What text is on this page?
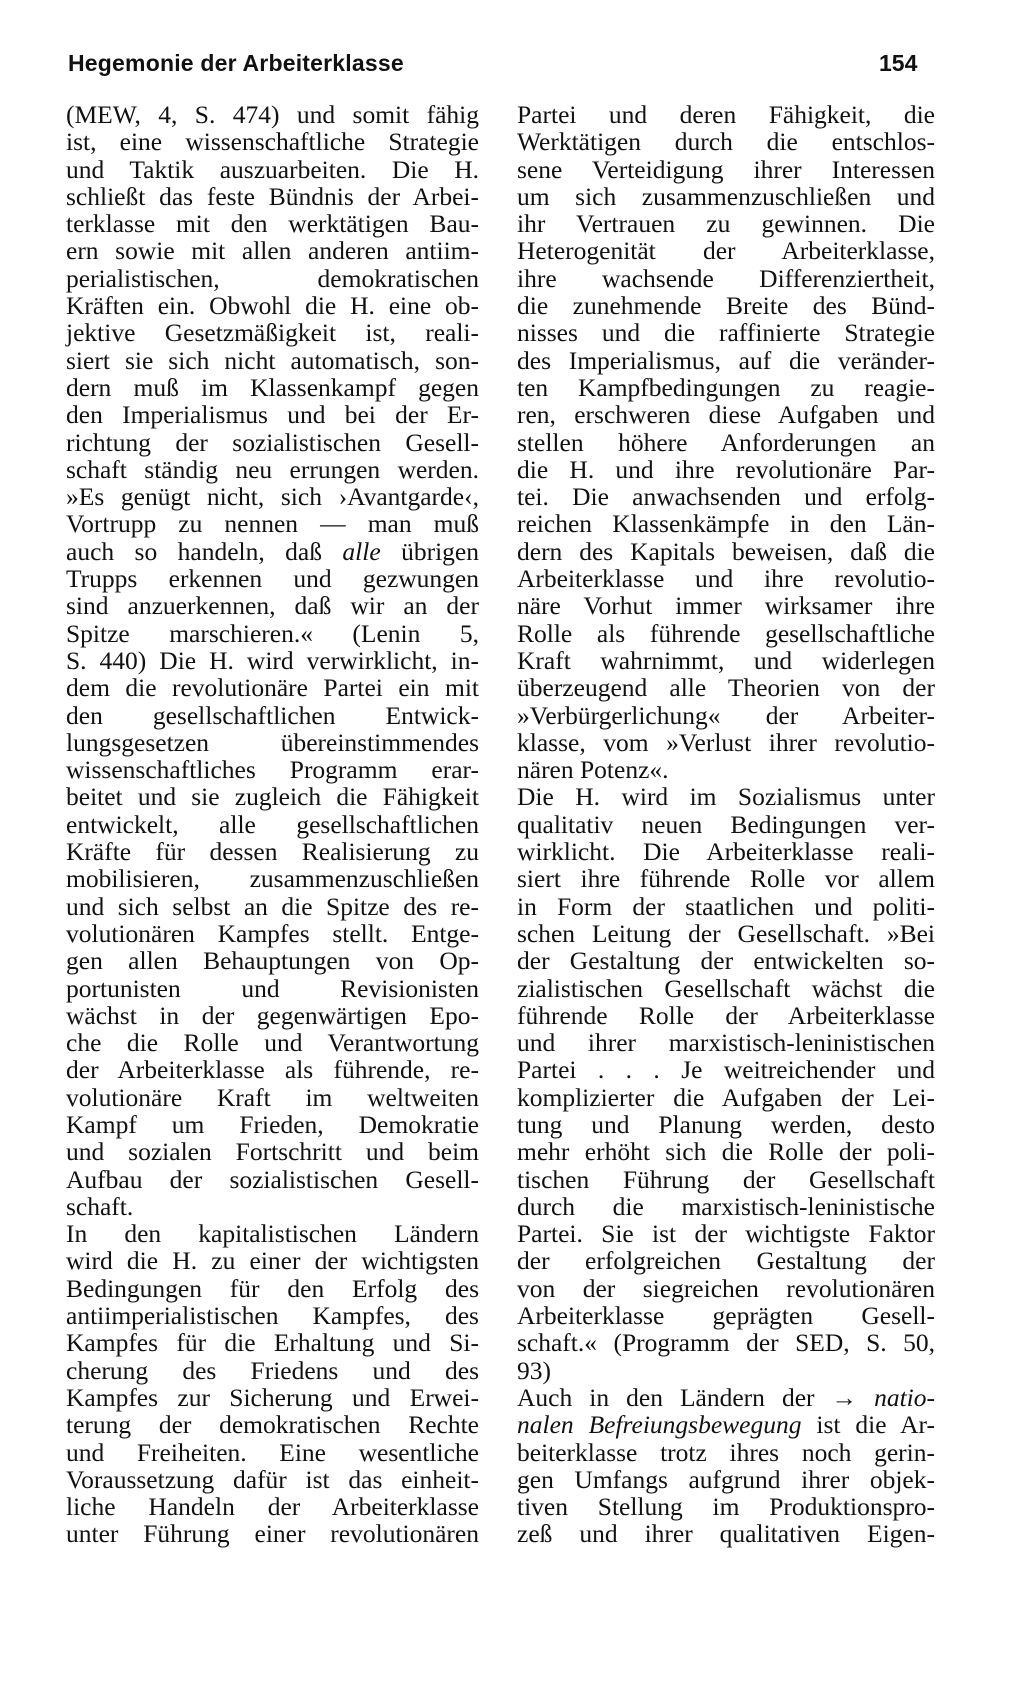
Hegemonie der Arbeiterklasse	154
(MEW, 4, S. 474) und somit fähig
ist, eine wissenschaftliche Strategie
und Taktik auszuarbeiten. Die H.
schließt das feste Bündnis der Arbei-
terklasse mit den werktätigen Bau-
ern sowie mit allen anderen antiim-
perialistischen, demokratischen
Kräften ein. Obwohl die H. eine ob-
jektive Gesetzmäßigkeit ist, reali-
siert sie sich nicht automatisch, son-
dern muß im Klassenkampf gegen
den Imperialismus und bei der Er-
richtung der sozialistischen Gesell-
schaft ständig neu errungen werden.
»Es genügt nicht, sich ›Avantgarde‹,
Vortrupp zu nennen — man muß
auch so handeln, daß alle übrigen
Trupps erkennen und gezwungen
sind anzuerkennen, daß wir an der
Spitze marschieren.« (Lenin 5,
S. 440) Die H. wird verwirklicht, in-
dem die revolutionäre Partei ein mit
den gesellschaftlichen Entwick-
lungsgesetzen übereinstimmendes
wissenschaftliches Programm erar-
beitet und sie zugleich die Fähigkeit
entwickelt, alle gesellschaftlichen
Kräfte für dessen Realisierung zu
mobilisieren, zusammenzuschließen
und sich selbst an die Spitze des re-
volutionären Kampfes stellt. Entge-
gen allen Behauptungen von Op-
portunisten und Revisionisten
wächst in der gegenwärtigen Epo-
che die Rolle und Verantwortung
der Arbeiterklasse als führende, re-
volutionäre Kraft im weltweiten
Kampf um Frieden, Demokratie
und sozialen Fortschritt und beim
Aufbau der sozialistischen Gesell-
schaft.
In den kapitalistischen Ländern
wird die H. zu einer der wichtigsten
Bedingungen für den Erfolg des
antiimperialistischen Kampfes, des
Kampfes für die Erhaltung und Si-
cherung des Friedens und des
Kampfes zur Sicherung und Erwei-
terung der demokratischen Rechte
und Freiheiten. Eine wesentliche
Voraussetzung dafür ist das einheit-
liche Handeln der Arbeiterklasse
unter Führung einer revolutionären
Partei und deren Fähigkeit, die
Werktätigen durch die entschlos-
sene Verteidigung ihrer Interessen
um sich zusammenzuschließen und
ihr Vertrauen zu gewinnen. Die
Heterogenität der Arbeiterklasse,
ihre wachsende Differenziertheit,
die zunehmende Breite des Bünd-
nisses und die raffinierte Strategie
des Imperialismus, auf die veränder-
ten Kampfbedingungen zu reagie-
ren, erschweren diese Aufgaben und
stellen höhere Anforderungen an
die H. und ihre revolutionäre Par-
tei. Die anwachsenden und erfolg-
reichen Klassenkämpfe in den Län-
dern des Kapitals beweisen, daß die
Arbeiterklasse und ihre revolutio-
näre Vorhut immer wirksamer ihre
Rolle als führende gesellschaftliche
Kraft wahrnimmt, und widerlegen
überzeugend alle Theorien von der
»Verbürgerlichung« der Arbeiter-
klasse, vom »Verlust ihrer revolutio-
nären Potenz«.
Die H. wird im Sozialismus unter
qualitativ neuen Bedingungen ver-
wirklicht. Die Arbeiterklasse reali-
siert ihre führende Rolle vor allem
in Form der staatlichen und politi-
schen Leitung der Gesellschaft. »Bei
der Gestaltung der entwickelten so-
zialistischen Gesellschaft wächst die
führende Rolle der Arbeiterklasse
und ihrer marxistisch-leninistischen
Partei . . . Je weitreichender und
komplizierter die Aufgaben der Lei-
tung und Planung werden, desto
mehr erhöht sich die Rolle der poli-
tischen Führung der Gesellschaft
durch die marxistisch-leninistische
Partei. Sie ist der wichtigste Faktor
der erfolgreichen Gestaltung der
von der siegreichen revolutionären
Arbeiterklasse geprägten Gesell-
schaft.« (Programm der SED, S. 50,
93)
Auch in den Ländern der → natio-
nalen Befreiungsbewegung ist die Ar-
beiterklasse trotz ihres noch gerin-
gen Umfangs aufgrund ihrer objek-
tiven Stellung im Produktionspro-
zeß und ihrer qualitativen Eigen-
